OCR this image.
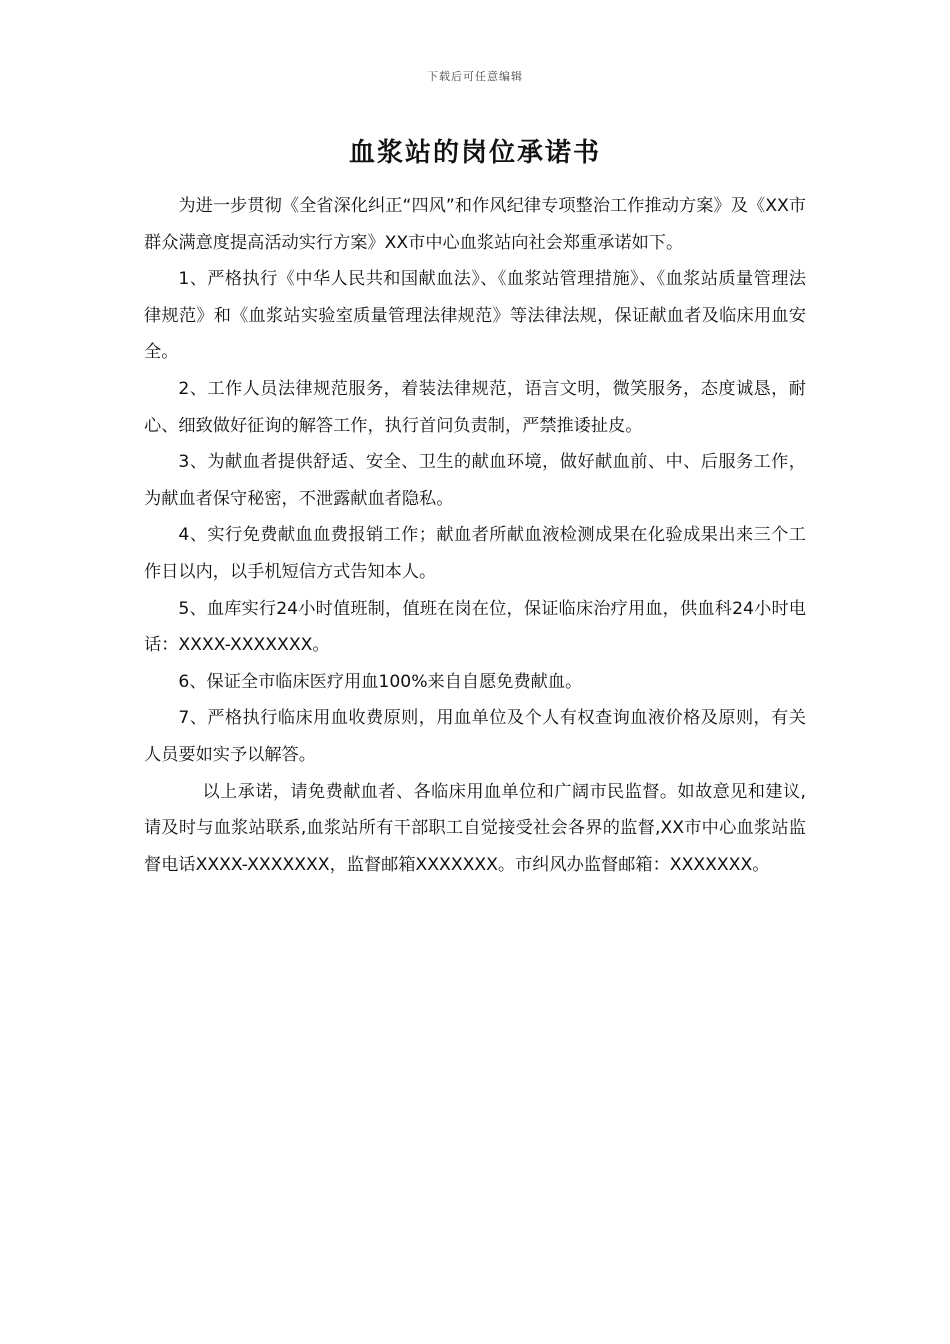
下载后可任意编辑
血浆站的岗位承诺书

为进一步贯彻《全省深化纠正“四风”和作风纪律专项整治工作推动方案》及《XX市群众满意度提高活动实行方案》XX市中心血浆站向社会郑重承诺如下。

1、严格执行《中华人民共和国献血法》、《血浆站管理措施》、《血浆站质量管理法律规范》和《血浆站实验室质量管理法律规范》等法律法规，保证献血者及临床用血安全。

2、工作人员法律规范服务，着装法律规范，语言文明，微笑服务，态度诚恳，耐心、细致做好征询的解答工作，执行首问负责制，严禁推诿扯皮。

3、为献血者提供舒适、安全、卫生的献血环境，做好献血前、中、后服务工作，为献血者保守秘密，不泄露献血者隐私。

4、实行免费献血血费报销工作；献血者所献血液检测成果在化验成果出来三个工作日以内，以手机短信方式告知本人。

5、血库实行24小时值班制，值班在岗在位，保证临床治疗用血，供血科24小时电话：XXXX-XXXXXXX。

6、保证全市临床医疗用血100%来自自愿免费献血。

7、严格执行临床用血收费原则，用血单位及个人有权查询血液价格及原则，有关人员要如实予以解答。

以上承诺，请免费献血者、各临床用血单位和广阔市民监督。如故意见和建议,请及时与血浆站联系,血浆站所有干部职工自觉接受社会各界的监督,XX市中心血浆站监督电话XXXX-XXXXXXX，监督邮箱XXXXXXX。市纠风办监督邮箱：XXXXXXX。
